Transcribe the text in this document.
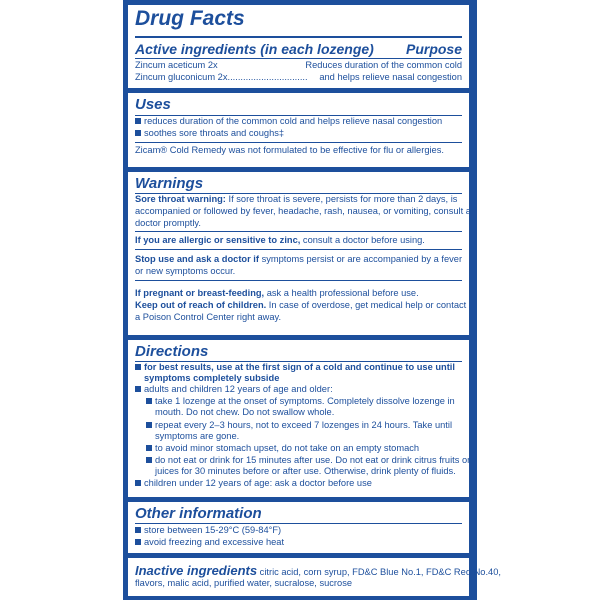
Drug Facts
Active ingredients (in each lozenge) Purpose
Zincum aceticum 2x	Reduces duration of the common cold
Zincum gluconicum 2x............................... and helps relieve nasal congestion
Uses
reduces duration of the common cold and helps relieve nasal congestion
soothes sore throats and coughs‡
Zicam® Cold Remedy was not formulated to be effective for flu or allergies.
Warnings
Sore throat warning: If sore throat is severe, persists for more than 2 days, is
accompanied or followed by fever, headache, rash, nausea, or vomiting, consult a
doctor promptly.
If you are allergic or sensitive to zinc, consult a doctor before using.
Stop use and ask a doctor if symptoms persist or are accompanied by a fever
or new symptoms occur.
If pregnant or breast-feeding, ask a health professional before use.
Keep out of reach of children. In case of overdose, get medical help or contact
a Poison Control Center right away.
Directions
for best results, use at the first sign of a cold and continue to use until
symptoms completely subside
adults and children 12 years of age and older:
take 1 lozenge at the onset of symptoms. Completely dissolve lozenge in
mouth. Do not chew. Do not swallow whole.
repeat every 2–3 hours, not to exceed 7 lozenges in 24 hours. Take until
symptoms are gone.
to avoid minor stomach upset, do not take on an empty stomach
do not eat or drink for 15 minutes after use. Do not eat or drink citrus fruits or
juices for 30 minutes before or after use. Otherwise, drink plenty of fluids.
children under 12 years of age: ask a doctor before use
Other information
store between 15-29°C (59-84°F)
avoid freezing and excessive heat
Inactive ingredients citric acid, corn syrup, FD&C Blue No.1, FD&C Red No.40,
flavors, malic acid, purified water, sucralose, sucrose
